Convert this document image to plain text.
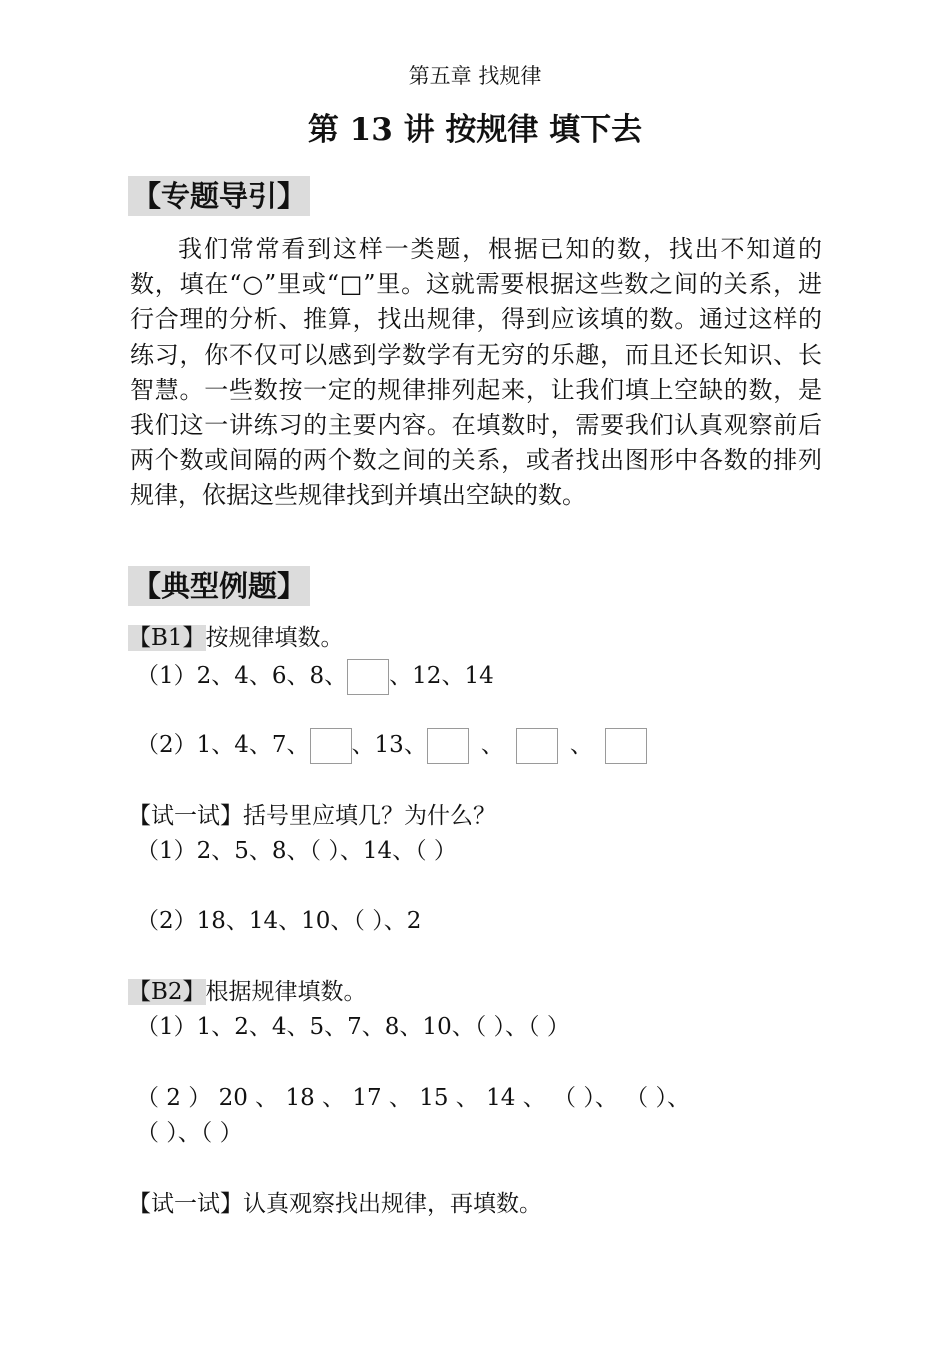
第五章 找规律
第 13 讲 按规律 填下去
【专题导引】

我们常常看到这样一类题，根据已知的数，找出不知道的数，填在“○”里或“□”里。这就需要根据这些数之间的关系，进行合理的分析、推算，找出规律，得到应该填的数。通过这样的练习，你不仅可以感到学数学有无穷的乐趣，而且还长知识、长智慧。一些数按一定的规律排列起来，让我们填上空缺的数，是我们这一讲练习的主要内容。在填数时，需要我们认真观察前后两个数或间隔的两个数之间的关系，或者找出图形中各数的排列规律，依据这些规律找到并填出空缺的数。

【典型例题】
【B1】按规律填数。
（1）2、4、6、8、 、12、14
（2）1、4、7、 、13、 、	、
【试一试】括号里应填几？为什么？
（1）2、5、8、（ ）、14、（ ）
（2）18、14、10、（ ）、2
【B2】根据规律填数。
（1）1、2、4、5、7、8、10、（ ）、（ ）
（ 2 ） 20 、 18 、 17 、 15 、 14 、 （ ）、 （ ）、
（ ）、（ ）
【试一试】认真观察找出规律，再填数。
